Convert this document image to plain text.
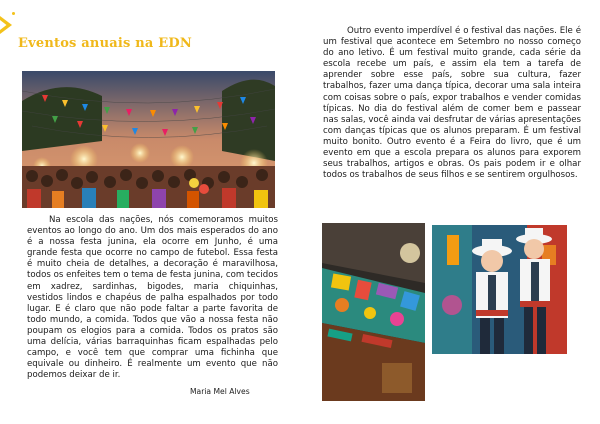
Eventos anuais na EDN

Na escola das nações, nós comemoramos muitos eventos ao longo do ano. Um dos mais esperados do ano é a nossa festa junina, ela ocorre em Junho, é uma grande festa que ocorre no campo de futebol. Essa festa é muito cheia de detalhes, a decoração é maravilhosa, todos os enfeites tem o tema de festa junina, com tecidos em xadrez, sardinhas, bigodes, maria chiquinhas, vestidos lindos e chapéus de palha espalhados por todo lugar. E é claro que não pode faltar a parte favorita de todo mundo, a comida. Todos que vão a nossa festa não poupam os elogios para a comida. Todos os pratos são uma delícia, várias barraquinhas ficam espalhadas pelo campo, e você tem que comprar uma fichinha que equivale ou dinheiro. É realmente um evento que não podemos deixar de ir.

Maria Mel Alves

Outro evento imperdível é o festival das nações. Ele é um festival que acontece em Setembro no nosso começo do ano letivo. É um festival muito grande, cada série da escola recebe um país, e assim ela tem a tarefa de aprender sobre esse país, sobre sua cultura, fazer trabalhos, fazer uma dança típica, decorar uma sala inteira com coisas sobre o país, expor trabalhos e vender comidas típicas. No dia do festival além de comer bem e passear nas salas, você ainda vai desfrutar de várias apresentações com danças típicas que os alunos preparam. É um festival muito bonito. Outro evento é a Feira do livro, que é um evento em que a escola prepara os alunos para exporem seus trabalhos, artigos e obras. Os pais podem ir e olhar todos os trabalhos de seus filhos e se sentirem orgulhosos.
